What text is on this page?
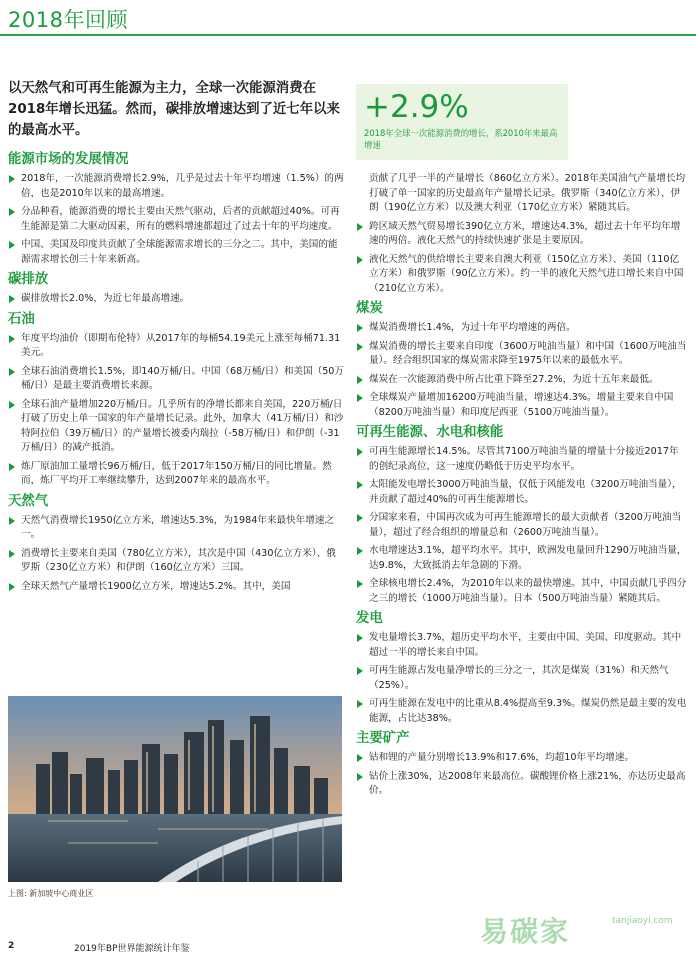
2018年回顾
以天然气和可再生能源为主力，全球一次能源消费在2018年增长迅猛。然而，碳排放增速达到了近七年以来的最高水平。
+2.9%
2018年全球一次能源消费的增长，系2010年来最高增速
能源市场的发展情况
2018年，一次能源消费增长2.9%，几乎是过去十年平均增速（1.5%）的两倍，也是2010年以来的最高增速。
分品种看，能源消费的增长主要由天然气驱动，后者的贡献超过40%。可再生能源是第二大驱动因素，所有的燃料增速都超过了过去十年的平均速度。
中国、美国及印度共贡献了全球能源需求增长的三分之二。其中，美国的能源需求增长创三十年来新高。
碳排放
碳排放增长2.0%，为近七年最高增速。
石油
年度平均油价（即期布伦特）从2017年的每桶54.19美元上涨至每桶71.31美元。
全球石油消费增长1.5%，即140万桶/日。中国（68万桶/日）和美国（50万桶/日）是最主要消费增长来源。
全球石油产量增加220万桶/日。几乎所有的净增长都来自美国，220万桶/日打破了历史上单一国家的年产量增长记录。此外，加拿大（41万桶/日）和沙特阿拉伯（39万桶/日）的产量增长被委内瑞拉（-58万桶/日）和伊朗（-31万桶/日）的减产抵消。
炼厂原油加工量增长96万桶/日，低于2017年150万桶/日的同比增量。然而，炼厂平均开工率继续攀升，达到2007年来的最高水平。
天然气
天然气消费增长1950亿立方米，增速达5.3%，为1984年来最快年增速之一。
消费增长主要来自美国（780亿立方米），其次是中国（430亿立方米）、俄罗斯（230亿立方米）和伊朗（160亿立方米）三国。
全球天然气产量增长1900亿立方米，增速达5.2%。其中，美国
上图: 新加坡中心商业区
贡献了几乎一半的产量增长（860亿立方米）。2018年美国油气产量增长均打破了单一国家的历史最高年产量增长记录。俄罗斯（340亿立方米）、伊朗（190亿立方米）以及澳大利亚（170亿立方米）紧随其后。
跨区域天然气贸易增长390亿立方米，增速达4.3%，超过去十年平均年增速的两倍。液化天然气的持续快速扩张是主要原因。
液化天然气的供给增长主要来自澳大利亚（150亿立方米）、美国（110亿立方米）和俄罗斯（90亿立方米）。约一半的液化天然气进口增长来自中国（210亿立方米）。
煤炭
煤炭消费增长1.4%，为过十年平均增速的两倍。
煤炭消费的增长主要来自印度（3600万吨油当量）和中国（1600万吨油当量）。经合组织国家的煤炭需求降至1975年以来的最低水平。
煤炭在一次能源消费中所占比重下降至27.2%，为近十五年来最低。
全球煤炭产量增加16200万吨油当量，增速达4.3%。增量主要来自中国（8200万吨油当量）和印度尼西亚（5100万吨油当量）。
可再生能源、水电和核能
可再生能源增长14.5%。尽管其7100万吨油当量的增量十分接近2017年的创纪录高位，这一速度仍略低于历史平均水平。
太阳能发电增长3000万吨油当量，仅低于风能发电（3200万吨油当量），并贡献了超过40%的可再生能源增长。
分国家来看，中国再次成为可再生能源增长的最大贡献者（3200万吨油当量），超过了经合组织的增量总和（2600万吨油当量）。
水电增速达3.1%，超平均水平。其中，欧洲发电量回升1290万吨油当量，达9.8%，大致抵消去年急剧的下滑。
全球核电增长2.4%，为2010年以来的最快增速。其中，中国贡献几乎四分之三的增长（1000万吨油当量）。日本（500万吨油当量）紧随其后。
发电
发电量增长3.7%，超历史平均水平，主要由中国、美国、印度驱动。其中超过一半的增长来自中国。
可再生能源占发电量净增长的三分之一，其次是煤炭（31%）和天然气（25%）。
可再生能源在发电中的比重从8.4%提高至9.3%。煤炭仍然是最主要的发电能源，占比达38%。
主要矿产
钴和锂的产量分别增长13.9%和17.6%，均超10年平均增速。
钴价上涨30%，达2008年来最高位。碳酸锂价格上涨21%，亦达历史最高价。
易碳家	tanjiaoyi.com
2	2019年BP世界能源统计年鉴
